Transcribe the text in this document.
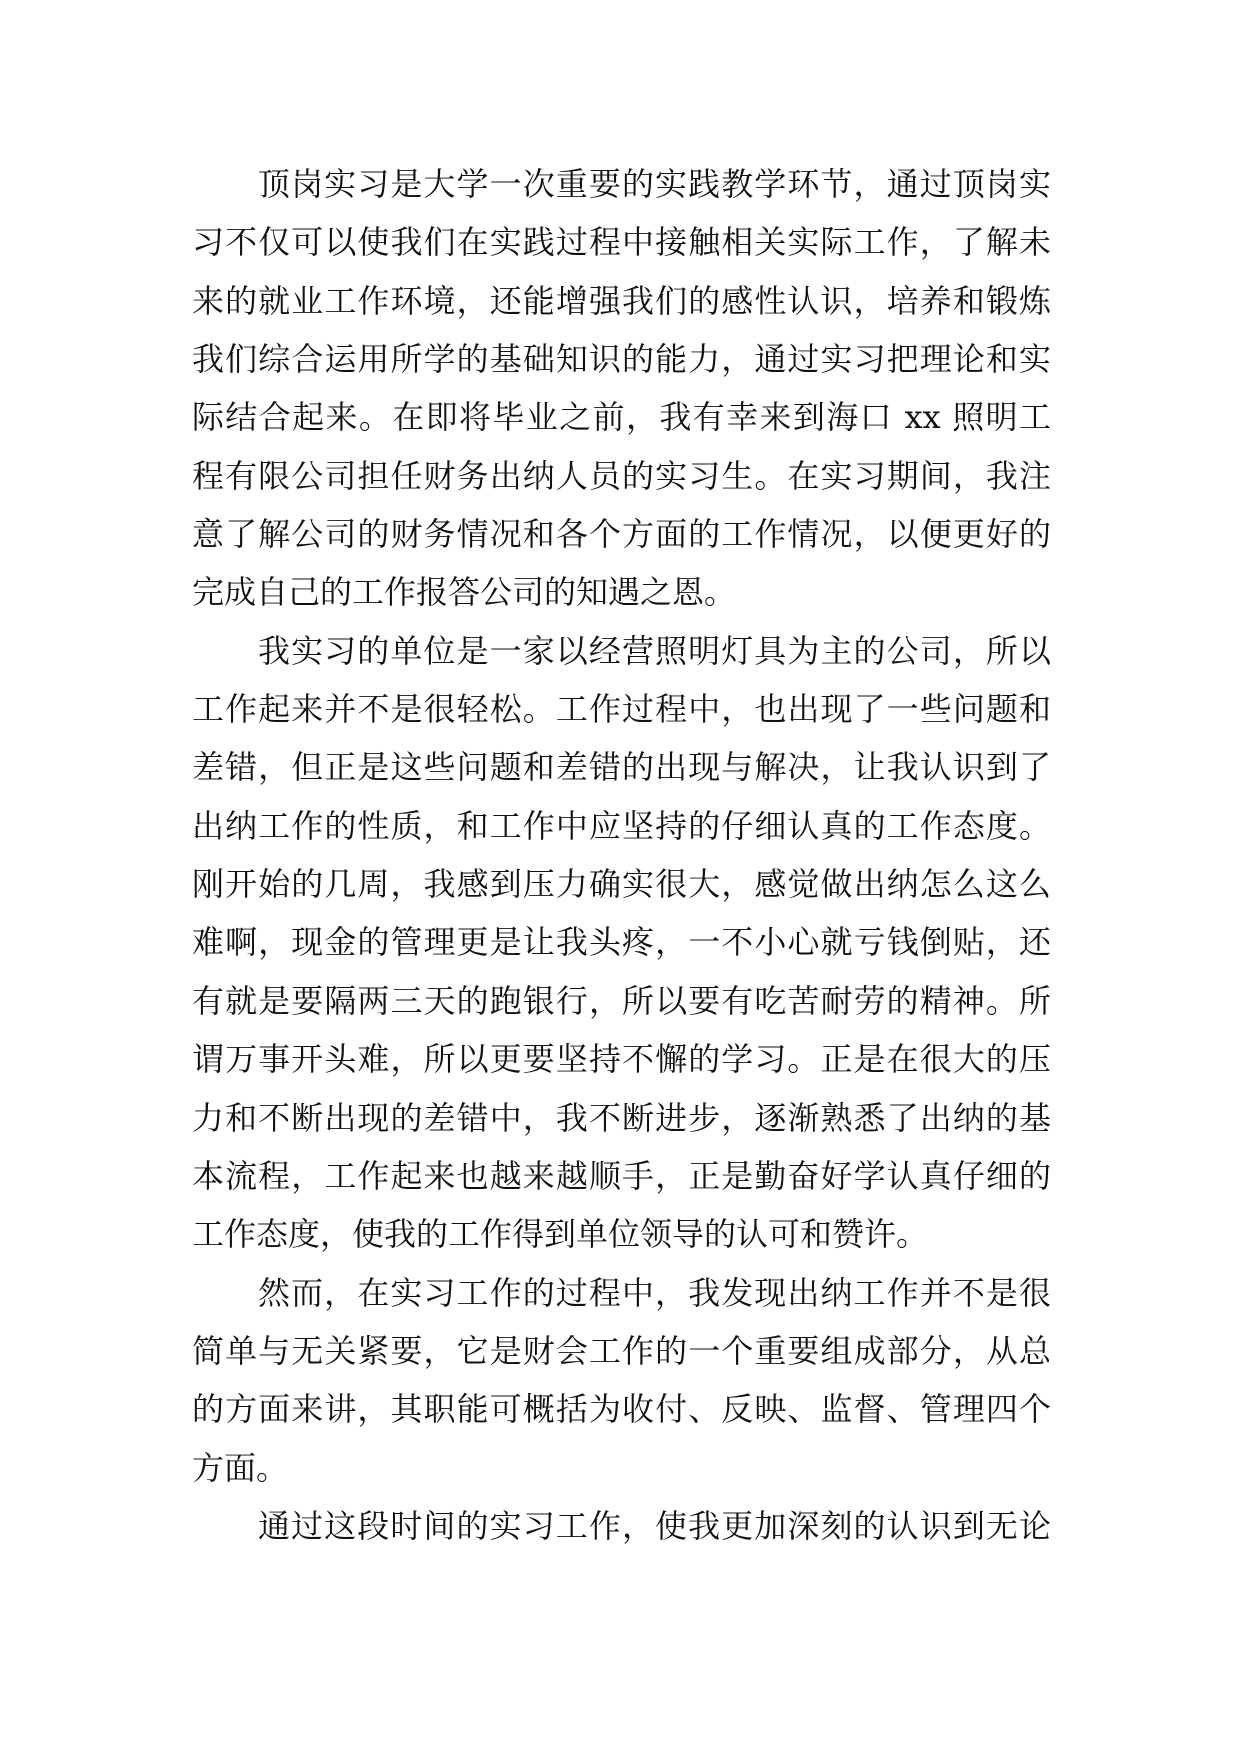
顶岗实习是大学一次重要的实践教学环节，通过顶岗实
习不仅可以使我们在实践过程中接触相关实际工作，了解未
来的就业工作环境，还能增强我们的感性认识，培养和锻炼
我们综合运用所学的基础知识的能力，通过实习把理论和实
际结合起来。在即将毕业之前，我有幸来到海口 xx 照明工
程有限公司担任财务出纳人员的实习生。在实习期间，我注
意了解公司的财务情况和各个方面的工作情况，以便更好的
完成自己的工作报答公司的知遇之恩。
我实习的单位是一家以经营照明灯具为主的公司，所以
工作起来并不是很轻松。工作过程中，也出现了一些问题和
差错，但正是这些问题和差错的出现与解决，让我认识到了
出纳工作的性质，和工作中应坚持的仔细认真的工作态度。
刚开始的几周，我感到压力确实很大，感觉做出纳怎么这么
难啊，现金的管理更是让我头疼，一不小心就亏钱倒贴，还
有就是要隔两三天的跑银行，所以要有吃苦耐劳的精神。所
谓万事开头难，所以更要坚持不懈的学习。正是在很大的压
力和不断出现的差错中，我不断进步，逐渐熟悉了出纳的基
本流程，工作起来也越来越顺手，正是勤奋好学认真仔细的
工作态度，使我的工作得到单位领导的认可和赞许。
然而，在实习工作的过程中，我发现出纳工作并不是很
简单与无关紧要，它是财会工作的一个重要组成部分，从总
的方面来讲，其职能可概括为收付、反映、监督、管理四个
方面。
通过这段时间的实习工作，使我更加深刻的认识到无论
